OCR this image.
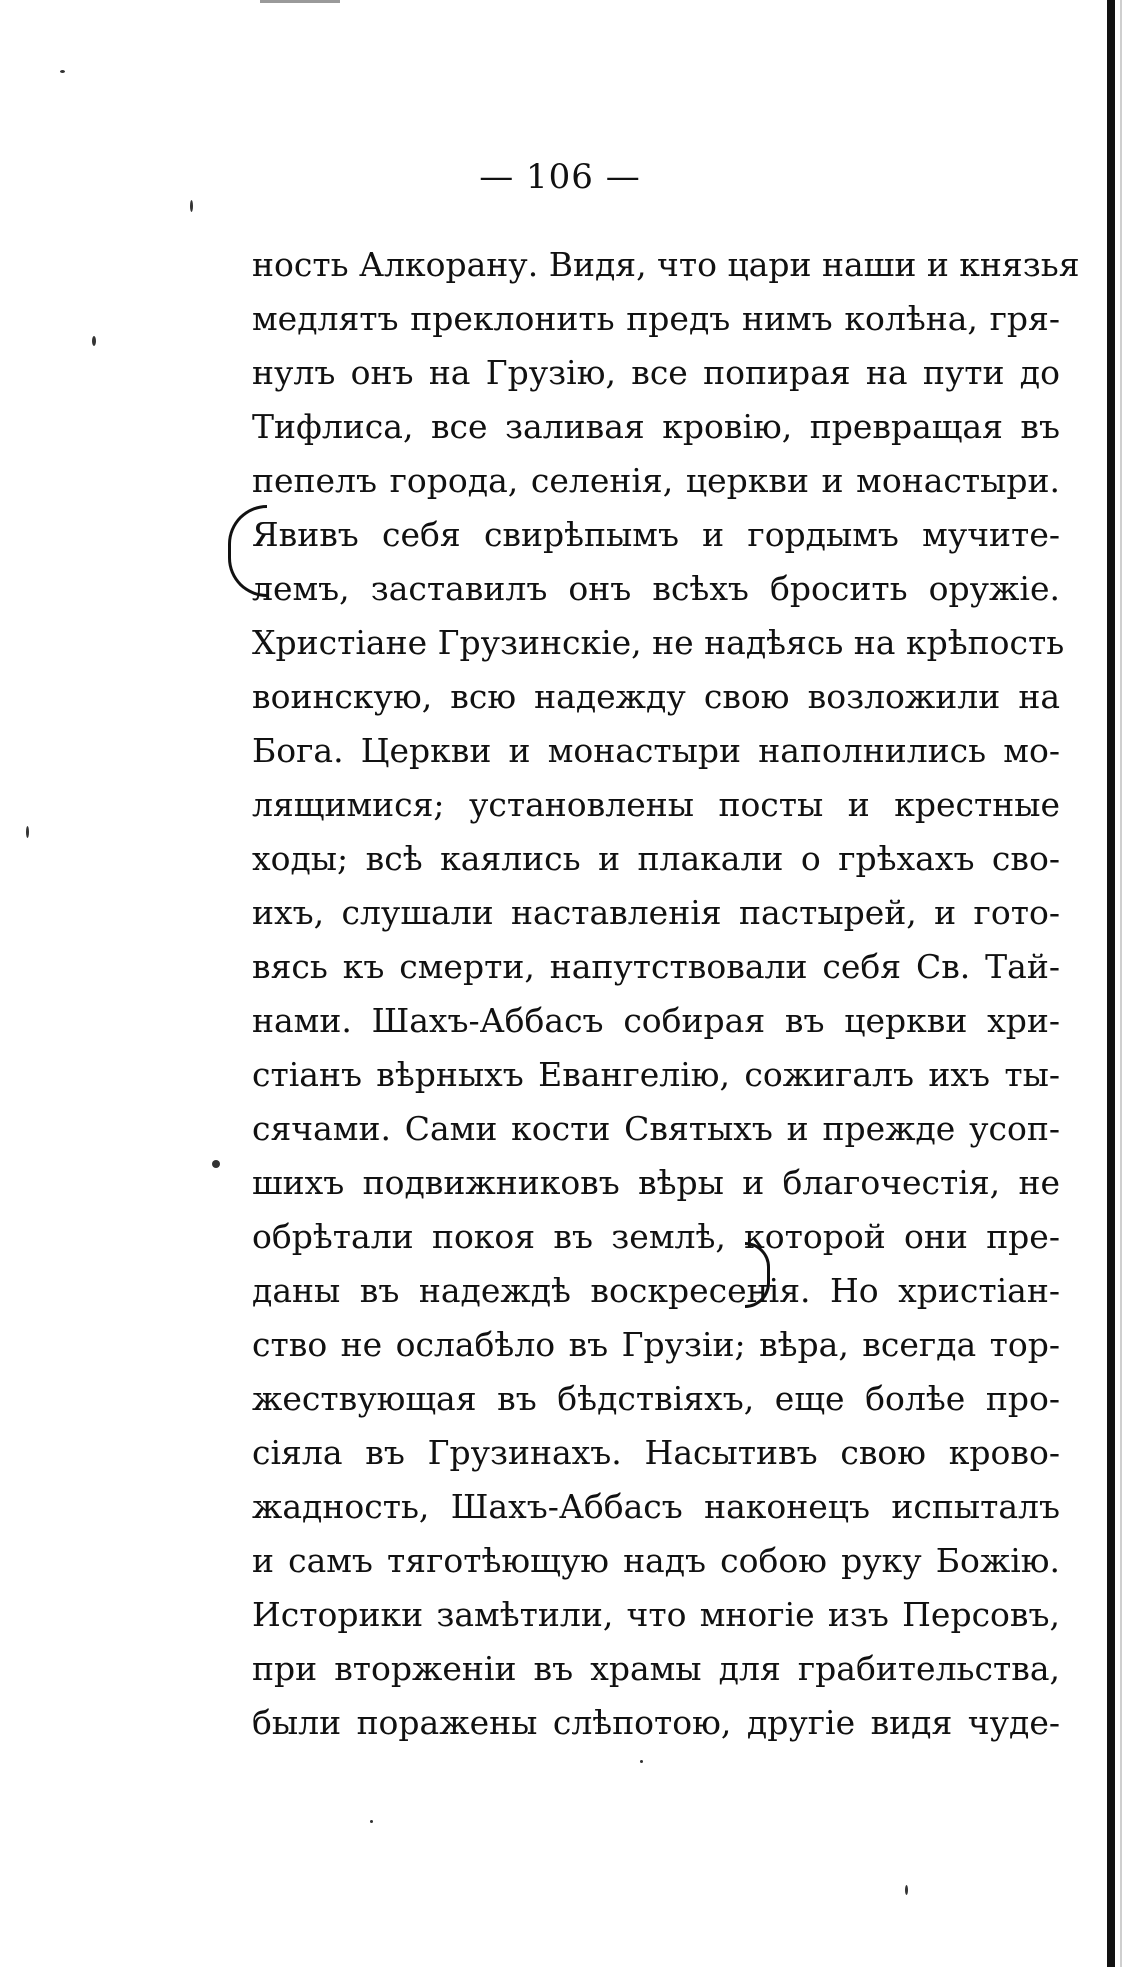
— 106 —
ность Алкорану. Видя, что цари наши и князья
медлятъ преклонить предъ нимъ колѣна, гря-
нулъ онъ на Грузію, все попирая на пути до
Тифлиса, все заливая кровію, превращая въ
пепелъ города, селенія, церкви и монастыри.
Явивъ себя свирѣпымъ и гордымъ мучите-
лемъ, заставилъ онъ всѣхъ бросить оружіе.
Христіане Грузинскіе, не надѣясь на крѣпость
воинскую, всю надежду свою возложили на
Бога. Церкви и монастыри наполнились мо-
лящимися; установлены посты и крестные
ходы; всѣ каялись и плакали о грѣхахъ сво-
ихъ, слушали наставленія пастырей, и гото-
вясь къ смерти, напутствовали себя Св. Тай-
нами. Шахъ-Аббасъ собирая въ церкви хри-
стіанъ вѣрныхъ Евангелію, сожигалъ ихъ ты-
сячами. Сами кости Святыхъ и прежде усоп-
шихъ подвижниковъ вѣры и благочестія, не
обрѣтали покоя въ землѣ, которой они пре-
даны въ надеждѣ воскресенія. Но христіан-
ство не ослабѣло въ Грузіи; вѣра, всегда тор-
жествующая въ бѣдствіяхъ, еще болѣе про-
сіяла въ Грузинахъ. Насытивъ свою крово-
жадность, Шахъ-Аббасъ наконецъ испыталъ
и самъ тяготѣющую надъ собою руку Божію.
Историки замѣтили, что многіе изъ Персовъ,
при вторженіи въ храмы для грабительства,
были поражены слѣпотою, другіе видя чуде-
